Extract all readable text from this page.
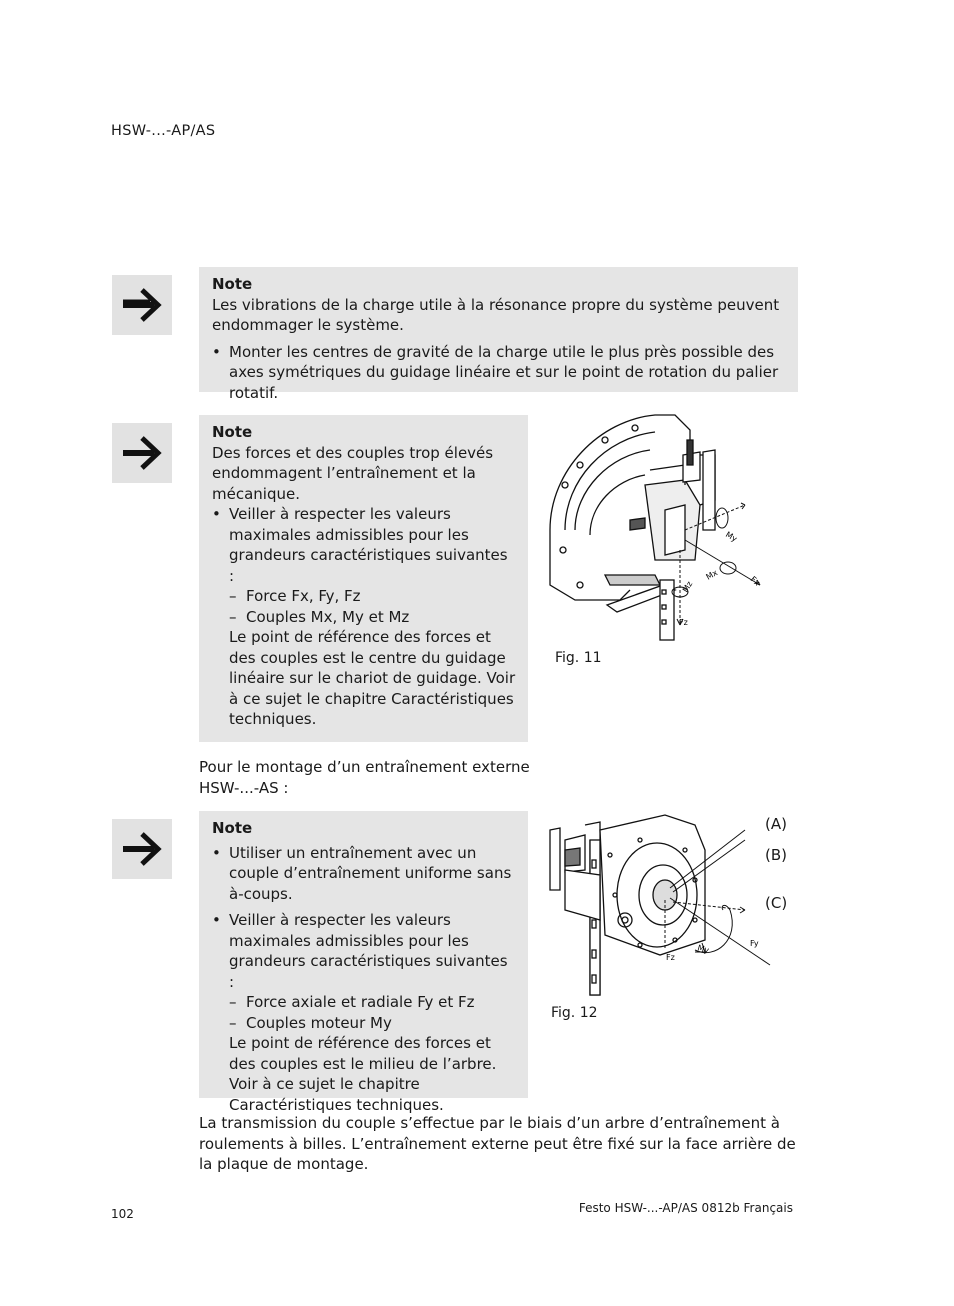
HSW-...-AP/AS

Note

Les vibrations de la charge utile à la résonance propre du système peuvent endommager le système.

• Monter les centres de gravité de la charge utile le plus près possible des axes symétriques du guidage linéaire et sur le point de rotation du palier rotatif.

Note

Des forces et des couples trop élevés endommagent l’entraînement et la mécanique.

• Veiller à respecter les valeurs maximales admissibles pour les grandeurs caractéristiques suivantes :

– Force Fx, Fy, Fz

– Couples Mx, My et Mz

Le point de référence des forces et des couples est le centre du guidage linéaire sur le chariot de guidage. Voir à ce sujet le chapitre Caractéristiques techniques.

My
Mx	Fx
Mz
Fz
Fig. 11
Pour le montage d’un entraînement externe HSW-...-AS :

Note

• Utiliser un entraînement avec un couple d’entraînement uniforme sans à-coups.

• Veiller à respecter les valeurs maximales admissibles pour les grandeurs caractéristiques suivantes :

– Force axiale et radiale Fy et Fz

– Couples moteur My

Le point de référence des forces et des couples est le milieu de l’arbre. Voir à ce sujet le chapitre Caractéristiques techniques.

Fy
My
Fz
(A)
(B)
(C)
Fig. 12
La transmission du couple s’effectue par le biais d’un arbre d’entraînement à roulements à billes. L’entraînement externe peut être fixé sur la face arrière de la plaque de montage.
102	Festo HSW-...-AP/AS 0812b Français
